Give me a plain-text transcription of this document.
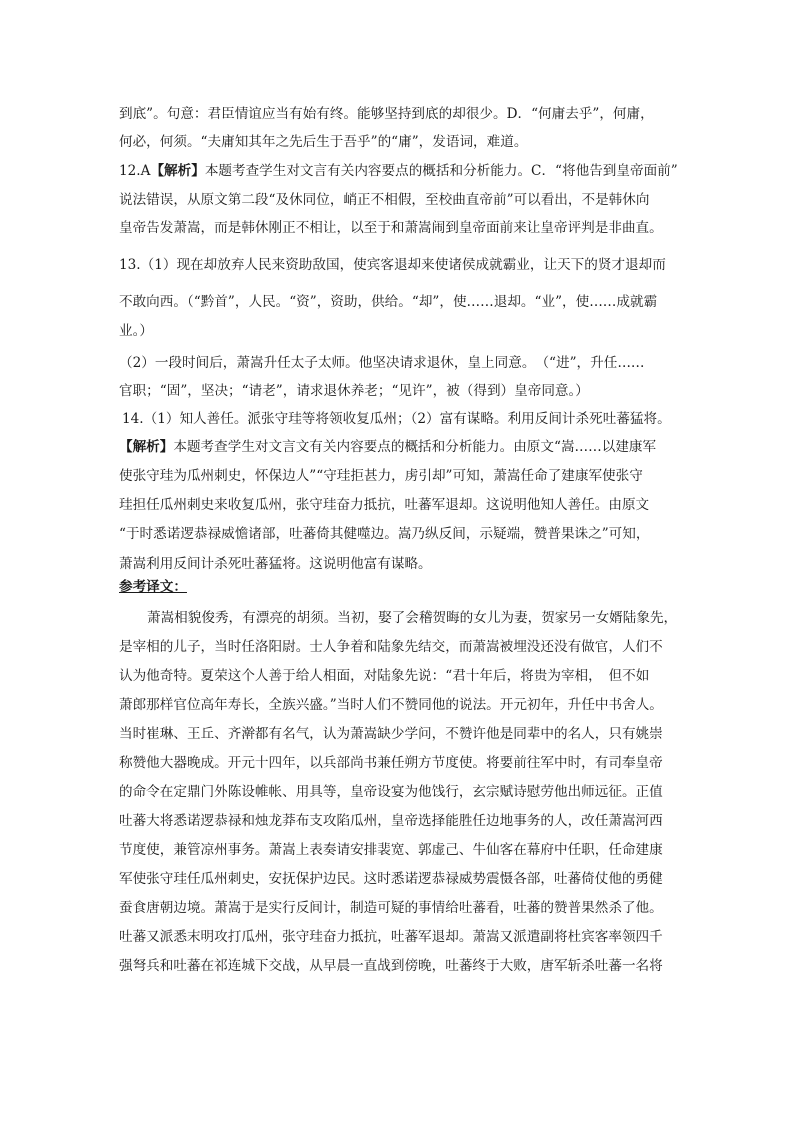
到底”。句意：君臣情谊应当有始有终。能够坚持到底的却很少。D．“何庸去乎”，何庸，
何必，何须。“夫庸知其年之先后生于吾乎”的“庸”，发语词，难道。
12.A【解析】本题考查学生对文言有关内容要点的概括和分析能力。C．“将他告到皇帝面前”
说法错误，从原文第二段“及休同位，峭正不相假，至校曲直帝前”可以看出，不是韩休向
皇帝告发萧嵩，而是韩休刚正不相让，以至于和萧嵩闹到皇帝面前来让皇帝评判是非曲直。
13.（1）现在却放弃人民来资助敌国，使宾客退却来使诸侯成就霸业，让天下的贤才退却而
不敢向西。（“黔首”，人民。“资”，资助，供给。“却”，使……退却。“业”，使……成就霸
业。）
（2）一段时间后，萧嵩升任太子太师。他坚决请求退休，皇上同意。　（“进”，升任……
官职；“固”，坚决；“请老”，请求退休养老；“见许”，被（得到）皇帝同意。）
14.（1）知人善任。派张守珪等将领收复瓜州；（2）富有谋略。利用反间计杀死吐蕃猛将。
【解析】本题考查学生对文言文有关内容要点的概括和分析能力。由原文“嵩……以建康军
使张守珪为瓜州刺史，怀保边人”“守珪拒甚力，虏引却”可知，萧嵩任命了建康军使张守
珪担任瓜州刺史来收复瓜州，张守珪奋力抵抗，吐蕃军退却。这说明他知人善任。由原文
“于时悉诺逻恭禄威憺诸部，吐蕃倚其健噬边。嵩乃纵反间，示疑端，赞普果诛之”可知，
萧嵩利用反间计杀死吐蕃猛将。这说明他富有谋略。
参考译文：
萧嵩相貌俊秀，有漂亮的胡须。当初，娶了会稽贺晦的女儿为妻，贺家另一女婿陆象先，
是宰相的儿子，当时任洛阳尉。士人争着和陆象先结交，而萧嵩被埋没还没有做官，人们不
认为他奇特。夏荣这个人善于给人相面，对陆象先说：“君十年后，将贵为宰相，　但不如
萧郎那样官位高年寿长，全族兴盛。”当时人们不赞同他的说法。开元初年，升任中书舍人。
当时崔琳、王丘、齐澣都有名气，认为萧嵩缺少学问，不赞许他是同辈中的名人，只有姚崇
称赞他大器晚成。开元十四年，以兵部尚书兼任朔方节度使。将要前往军中时，有司奉皇帝
的命令在定鼎门外陈设帷帐、用具等，皇帝设宴为他饯行，玄宗赋诗慰劳他出师远征。正值
吐蕃大将悉诺逻恭禄和烛龙莽布支攻陷瓜州，皇帝选择能胜任边地事务的人，改任萧嵩河西
节度使，兼管凉州事务。萧嵩上表奏请安排裴宽、郭虚己、牛仙客在幕府中任职，任命建康
军使张守珪任瓜州刺史，安抚保护边民。这时悉诺逻恭禄威势震慑各部，吐蕃倚仗他的勇健
蚕食唐朝边境。萧嵩于是实行反间计，制造可疑的事情给吐蕃看，吐蕃的赞普果然杀了他。
吐蕃又派悉末明攻打瓜州，张守珪奋力抵抗，吐蕃军退却。萧嵩又派遣副将杜宾客率领四千
强弩兵和吐蕃在祁连城下交战，从早晨一直战到傍晚，吐蕃终于大败，唐军斩杀吐蕃一名将
